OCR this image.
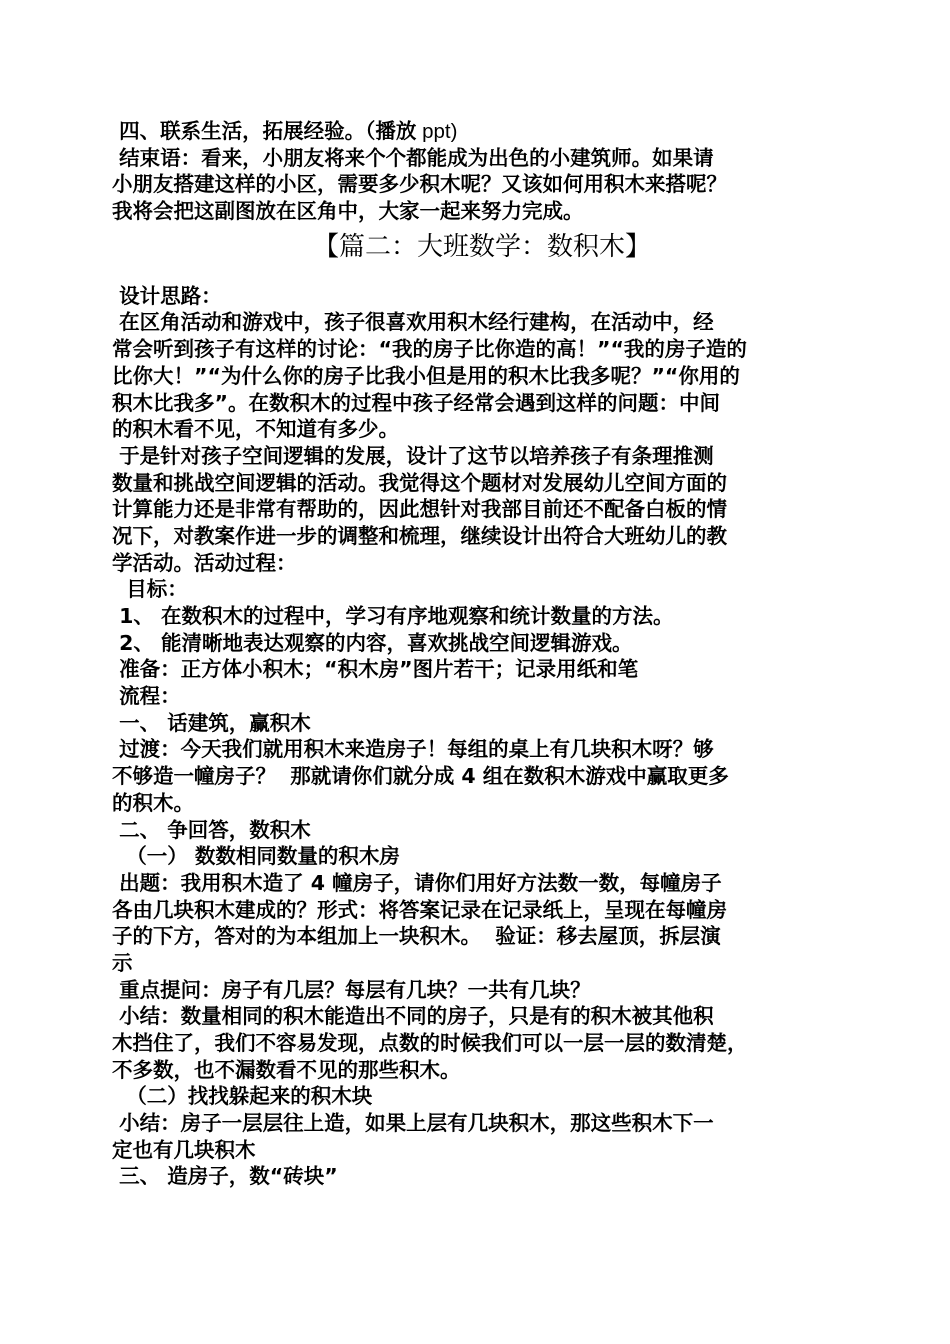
四、联系生活，拓展经验。（播放 ppt)
结束语：看来，小朋友将来个个都能成为出色的小建筑师。如果请
小朋友搭建这样的小区，需要多少积木呢？又该如何用积木来搭呢？
我将会把这副图放在区角中，大家一起来努力完成。
【篇二：大班数学：数积木】
设计思路：
在区角活动和游戏中，孩子很喜欢用积木经行建构，在活动中，经
常会听到孩子有这样的讨论：“我的房子比你造的高！”“我的房子造的
比你大！”“为什么你的房子比我小但是用的积木比我多呢？”“你用的
积木比我多”。在数积木的过程中孩子经常会遇到这样的问题：中间
的积木看不见，不知道有多少。
于是针对孩子空间逻辑的发展，设计了这节以培养孩子有条理推测
数量和挑战空间逻辑的活动。我觉得这个题材对发展幼儿空间方面的
计算能力还是非常有帮助的，因此想针对我部目前还不配备白板的情
况下，对教案作进一步的调整和梳理，继续设计出符合大班幼儿的教
学活动。活动过程：
目标：
1、 在数积木的过程中，学习有序地观察和统计数量的方法。
2、 能清晰地表达观察的内容，喜欢挑战空间逻辑游戏。
准备：正方体小积木；“积木房”图片若干；记录用纸和笔
流程：
一、 话建筑，赢积木
过渡：今天我们就用积木来造房子！每组的桌上有几块积木呀？够
不够造一幢房子？  那就请你们就分成 4 组在数积木游戏中赢取更多
的积木。
二、 争回答，数积木
（一） 数数相同数量的积木房
出题：我用积木造了 4 幢房子，请你们用好方法数一数，每幢房子
各由几块积木建成的？形式：将答案记录在记录纸上，呈现在每幢房
子的下方，答对的为本组加上一块积木。  验证：移去屋顶，拆层演
示
重点提问：房子有几层？每层有几块？一共有几块？
小结：数量相同的积木能造出不同的房子，只是有的积木被其他积
木挡住了，我们不容易发现，点数的时候我们可以一层一层的数清楚，
不多数，也不漏数看不见的那些积木。
（二）找找躲起来的积木块
小结：房子一层层往上造，如果上层有几块积木，那这些积木下一
定也有几块积木
三、 造房子，数“砖块”
